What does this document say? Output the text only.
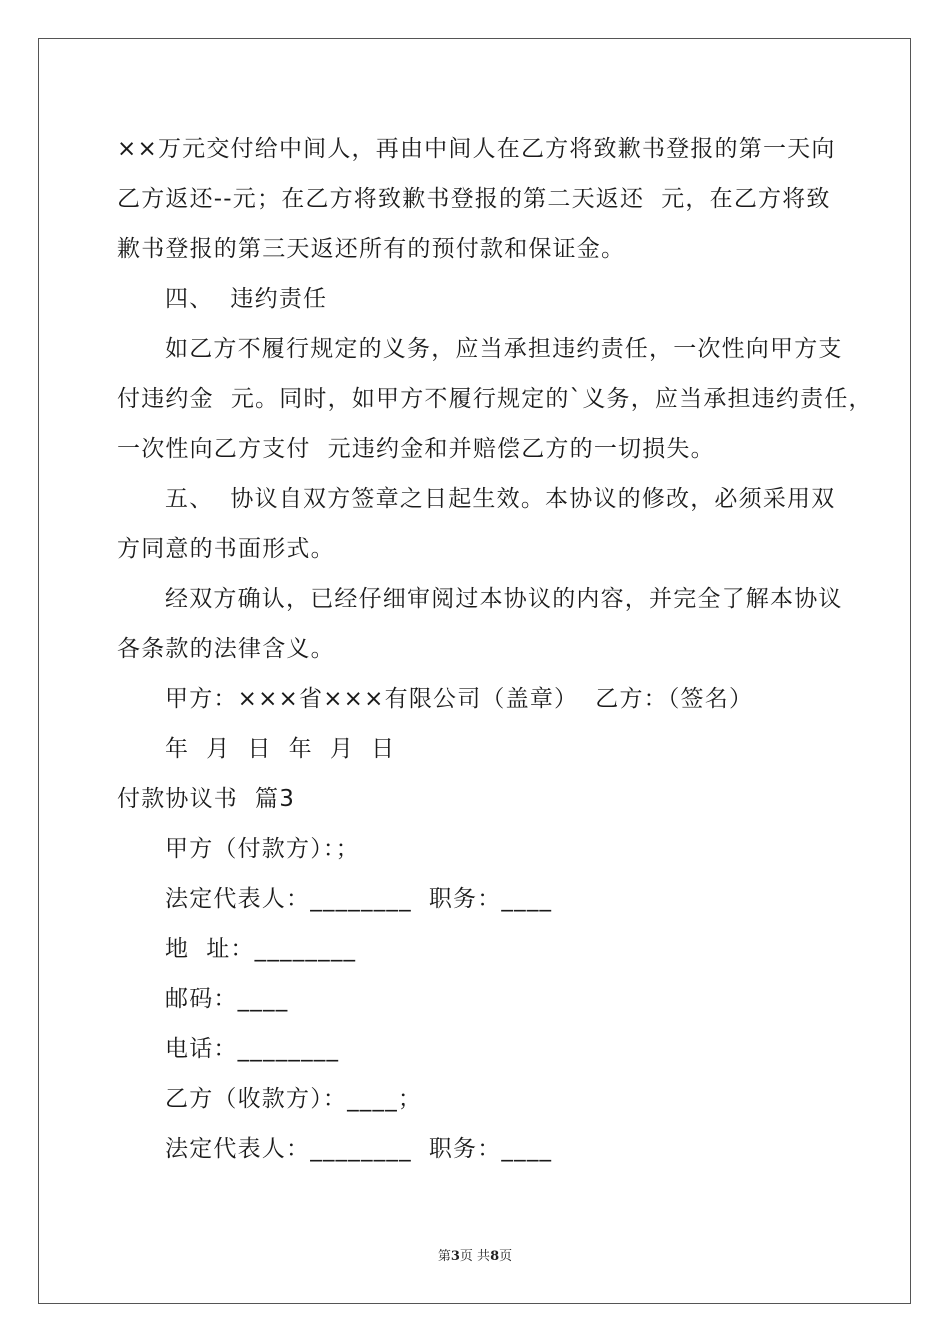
××万元交付给中间人，再由中间人在乙方将致歉书登报的第一天向
乙方返还--元；在乙方将致歉书登报的第二天返还  元，在乙方将致
歉书登报的第三天返还所有的预付款和保证金。
四、  违约责任
如乙方不履行规定的义务，应当承担违约责任，一次性向甲方支
付违约金  元。同时，如甲方不履行规定的`义务，应当承担违约责任，
一次性向乙方支付  元违约金和并赔偿乙方的一切损失。
五、  协议自双方签章之日起生效。本协议的修改，必须采用双
方同意的书面形式。
经双方确认，已经仔细审阅过本协议的内容，并完全了解本协议
各条款的法律含义。
甲方：×××省×××有限公司（盖章）  乙方：（签名）
年  月  日  年  月  日
付款协议书  篇3
甲方（付款方）：；
法定代表人：________  职务：____
地  址：________
邮码：____
电话：________
乙方（收款方）：____；
法定代表人：________  职务：____
第3页 共8页
